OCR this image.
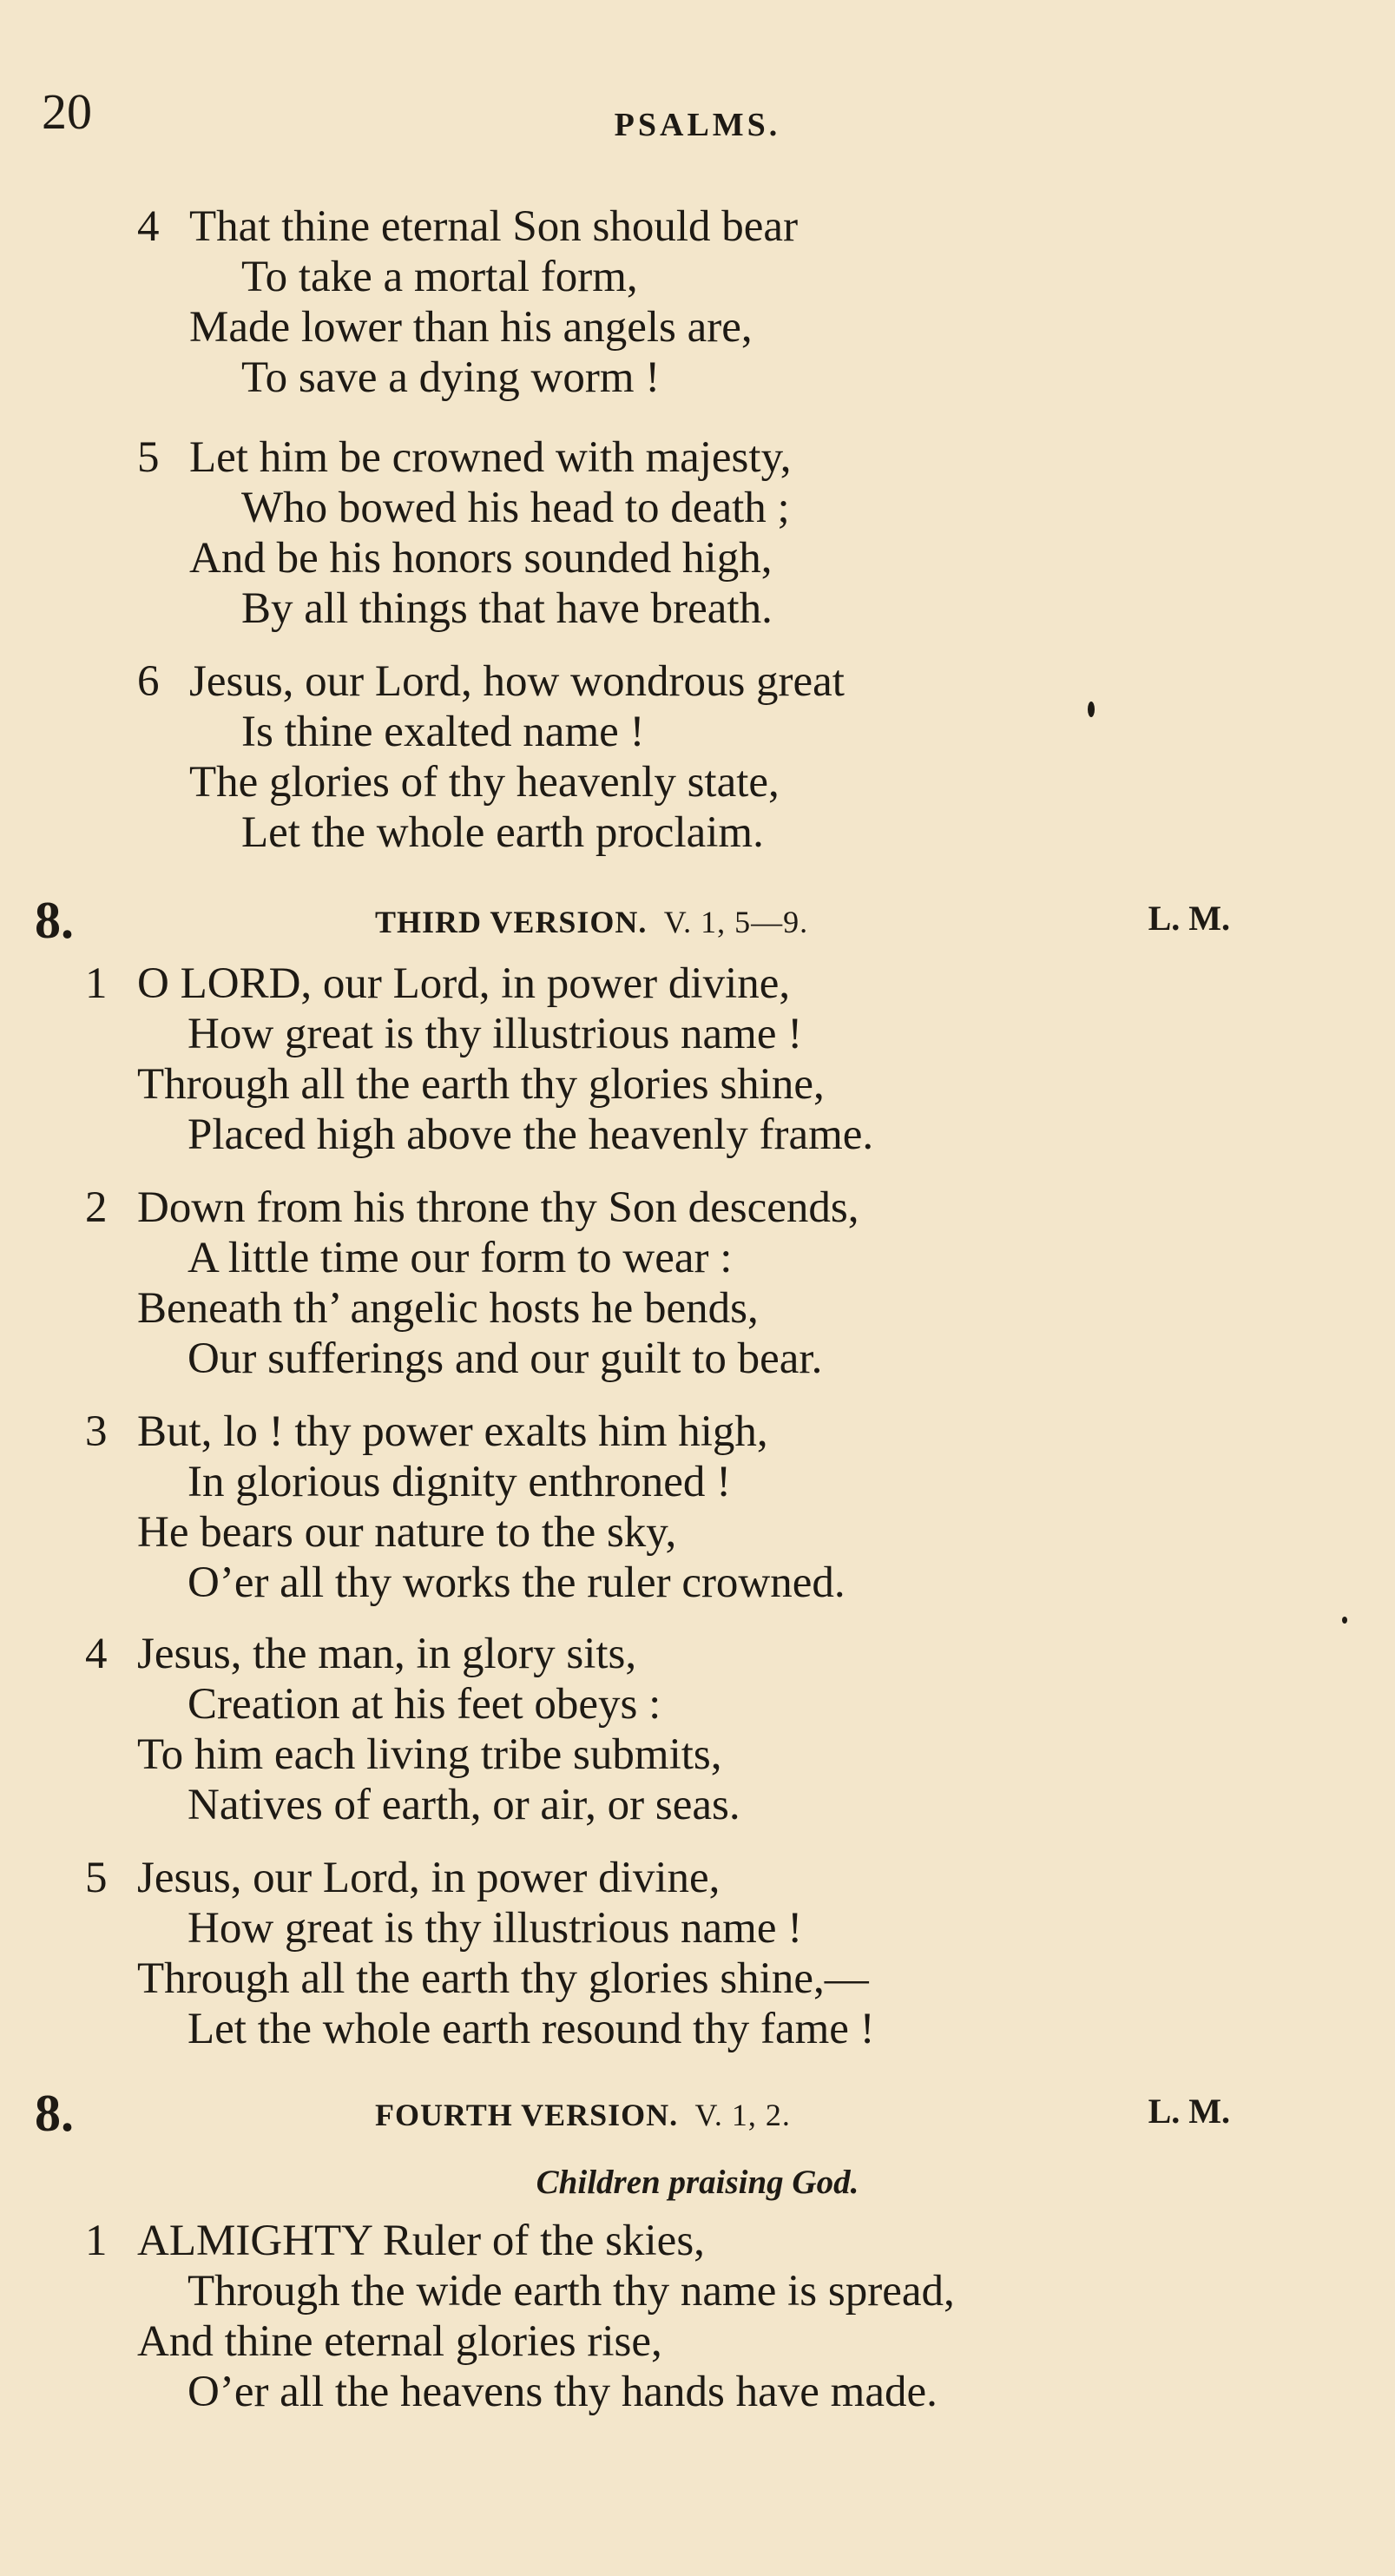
20	PSALMS.
4 That thine eternal Son should bear
To take a mortal form,
Made lower than his angels are,
To save a dying worm !
5 Let him be crowned with majesty,
Who bowed his head to death ;
And be his honors sounded high,
By all things that have breath.
6 Jesus, our Lord, how wondrous great
Is thine exalted name !
The glories of thy heavenly state,
Let the whole earth proclaim.
8.	THIRD VERSION. V. 1, 5—9.	L. M.
1 O LORD, our Lord, in power divine,
How great is thy illustrious name !
Through all the earth thy glories shine,
Placed high above the heavenly frame.
2 Down from his throne thy Son descends,
A little time our form to wear :
Beneath th’ angelic hosts he bends,
Our sufferings and our guilt to bear.
3 But, lo ! thy power exalts him high,
In glorious dignity enthroned !
He bears our nature to the sky,
O’er all thy works the ruler crowned.
4 Jesus, the man, in glory sits,
Creation at his feet obeys :
To him each living tribe submits,
Natives of earth, or air, or seas.
5 Jesus, our Lord, in power divine,
How great is thy illustrious name !
Through all the earth thy glories shine,—
Let the whole earth resound thy fame !
8.	FOURTH VERSION. V. 1, 2.	L. M.
Children praising God.
1 ALMIGHTY Ruler of the skies,
Through the wide earth thy name is spread,
And thine eternal glories rise,
O’er all the heavens thy hands have made.
